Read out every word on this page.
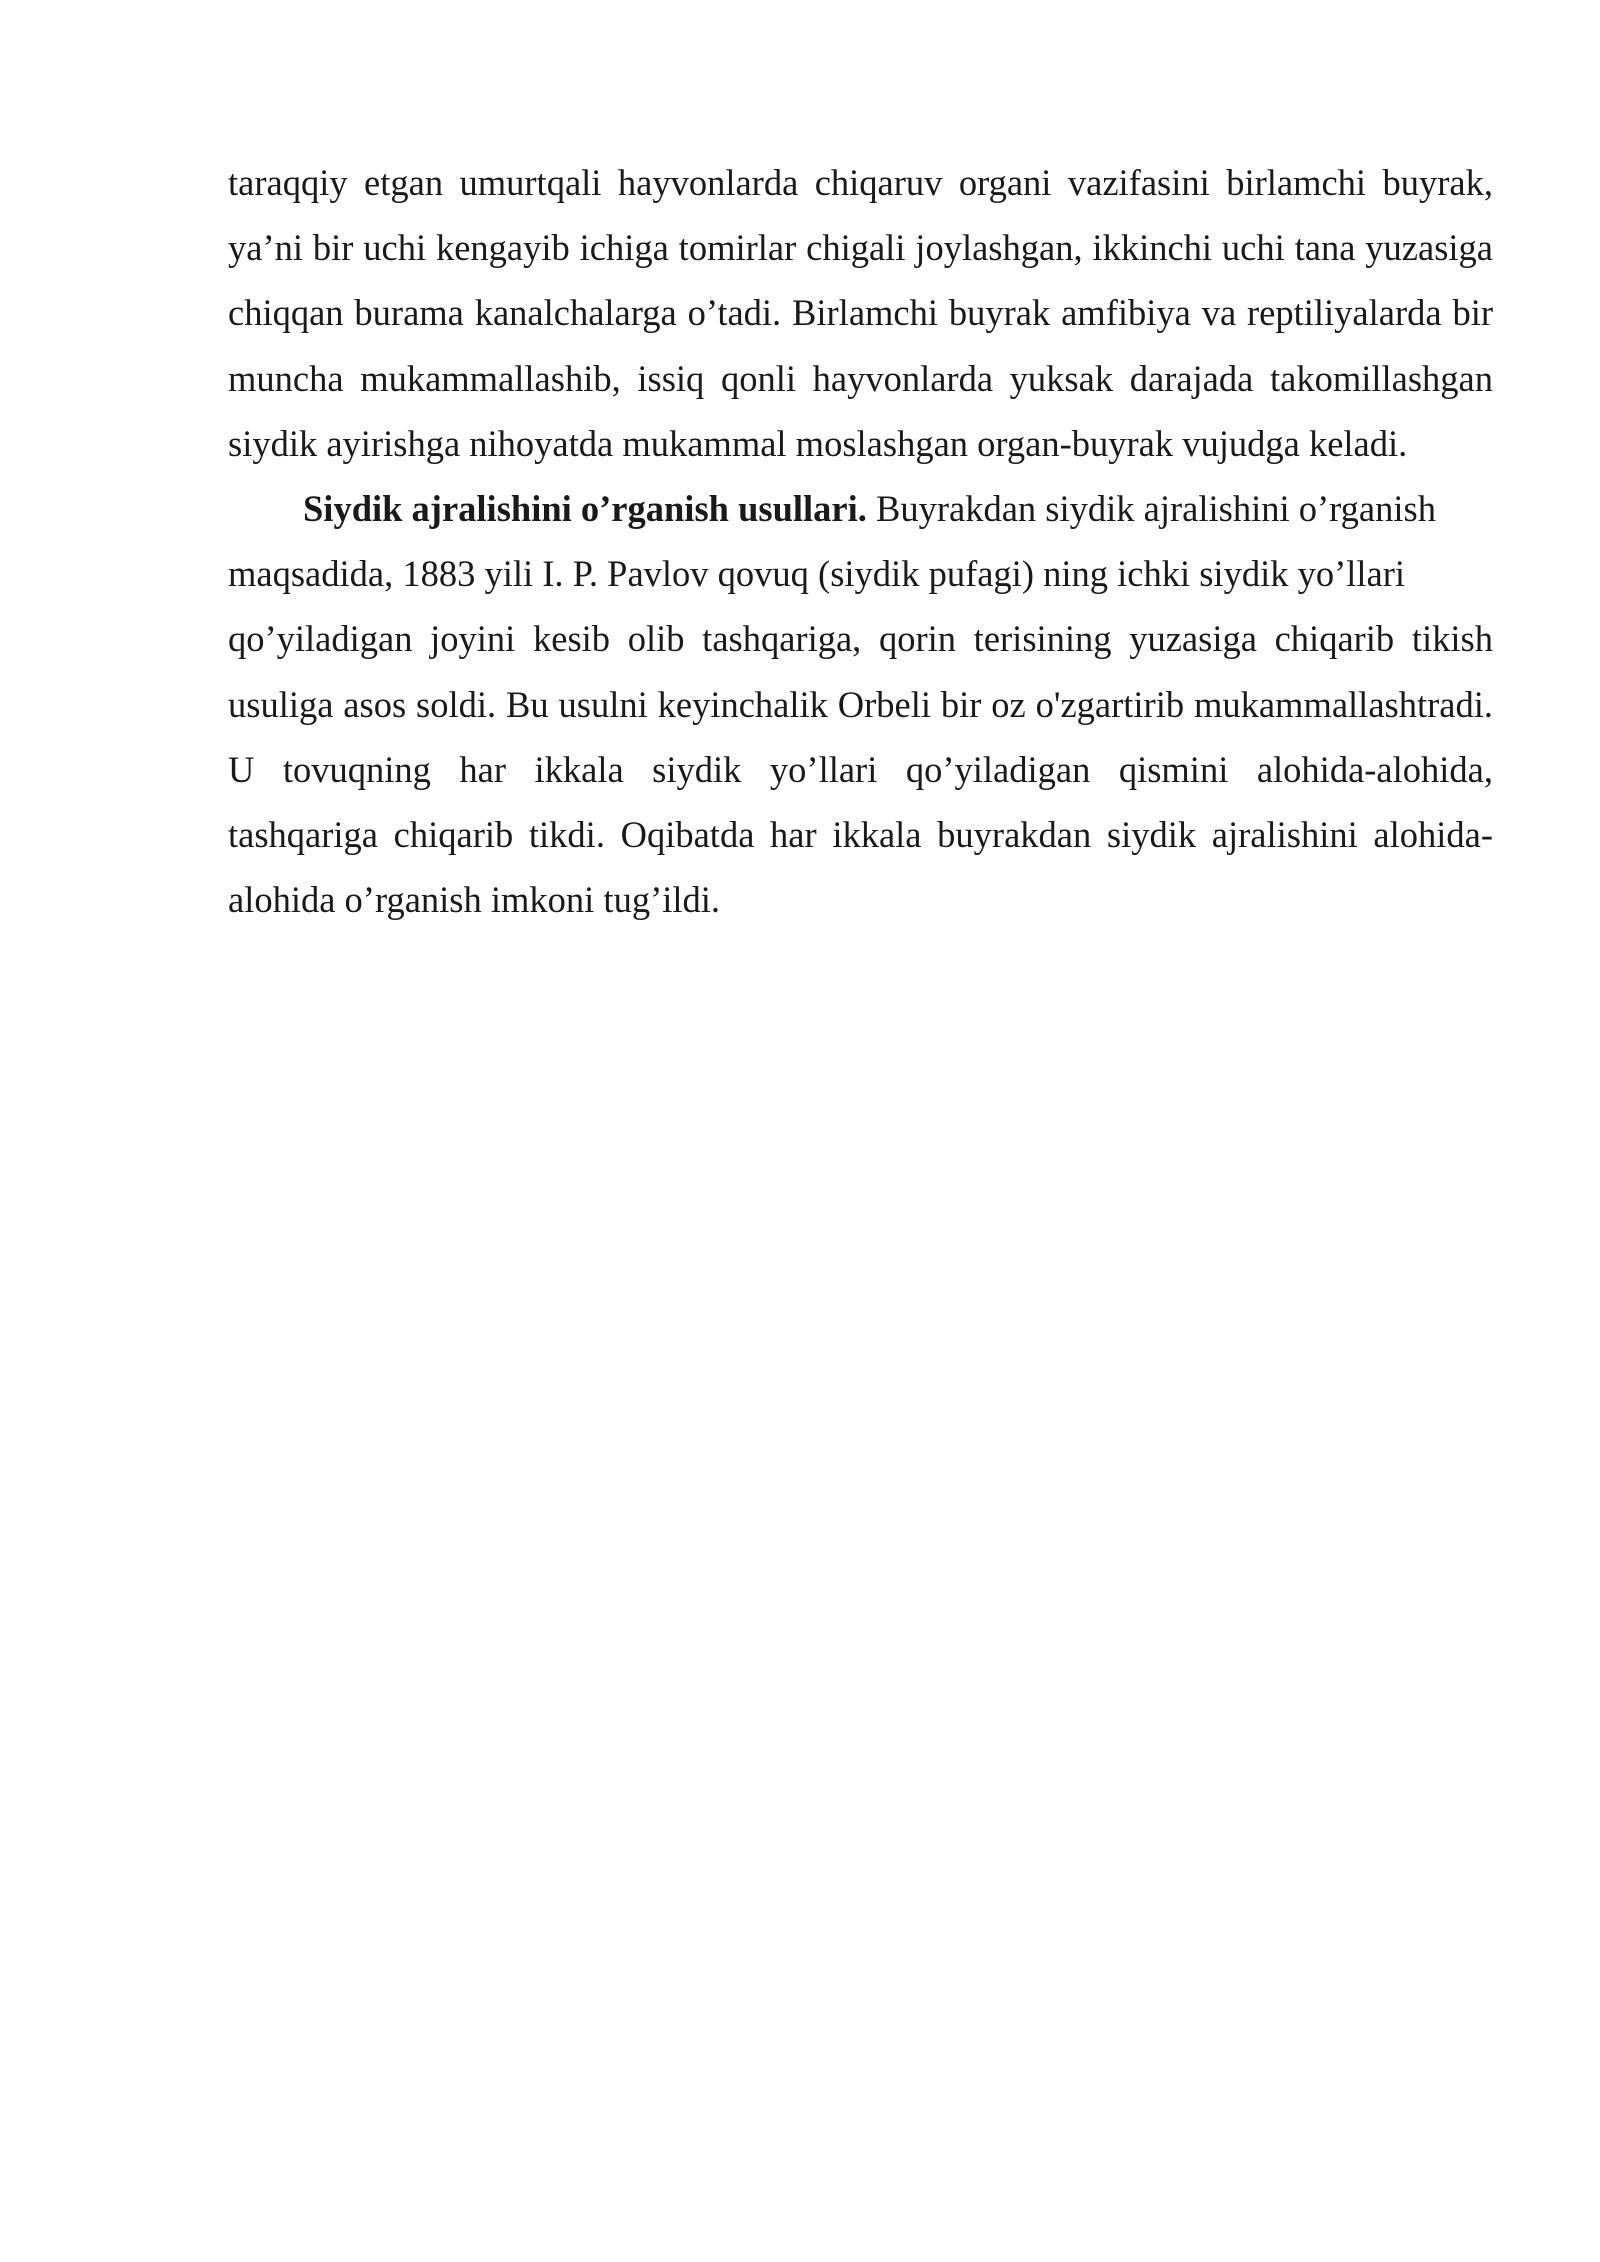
taraqqiy etgan umurtqali hayvonlarda chiqaruv organi vazifasini birlamchi buyrak, ya’ni bir uchi kengayib ichiga tomirlar chigali joylashgan, ikkinchi uchi tana yuzasiga chiqqan burama kanalchalarga o’tadi. Birlamchi buyrak amfibiya va reptiliyalarda bir muncha mukammallashib, issiq qonli hayvonlarda yuksak darajada takomillashgan siydik ayirishga nihoyatda mukammal moslashgan organ-buyrak vujudga keladi.

Siydik ajralishini o’rganish usullari. Buyrakdan siydik ajralishini o’rganish
maqsadida, 1883 yili I. P. Pavlov qovuq (siydik pufagi) ning ichki siydik yo’llari
qo’yiladigan joyini kesib olib tashqariga, qorin terisining yuzasiga chiqarib tikish usuliga asos soldi. Bu usulni keyinchalik Orbeli bir oz o'zgartirib mukammallashtradi. U tovuqning har ikkala siydik yo’llari qo’yiladigan qismini alohida-alohida, tashqariga chiqarib tikdi. Oqibatda har ikkala buyrakdan siydik ajralishini alohida-alohida o’rganish imkoni tug’ildi.
